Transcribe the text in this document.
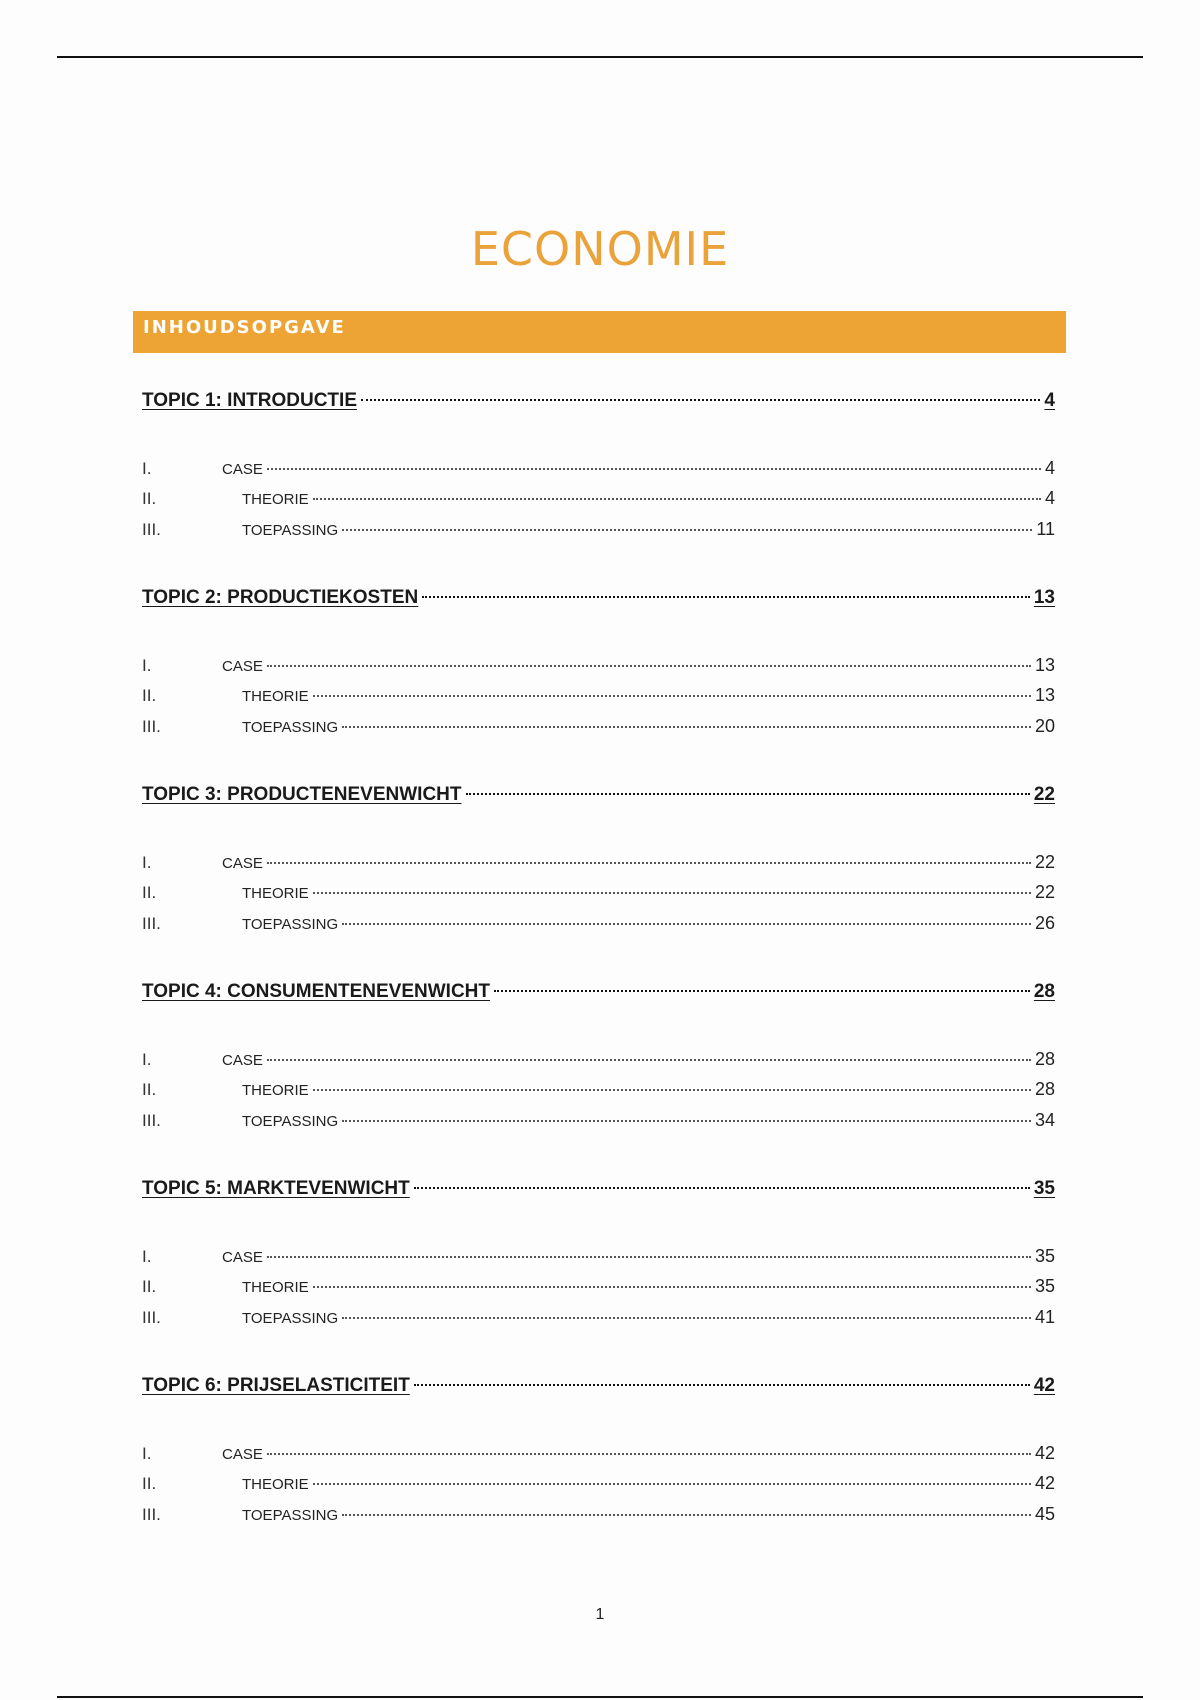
ECONOMIE
INHOUDSOPGAVE
TOPIC 1: INTRODUCTIE	4
I.	CASE	4
II.	THEORIE	4
III.	TOEPASSING	11
TOPIC 2: PRODUCTIEKOSTEN	13
I.	CASE	13
II.	THEORIE	13
III.	TOEPASSING	20
TOPIC 3: PRODUCTENEVENWICHT	22
I.	CASE	22
II.	THEORIE	22
III.	TOEPASSING	26
TOPIC 4: CONSUMENTENEVENWICHT	28
I.	CASE	28
II.	THEORIE	28
III.	TOEPASSING	34
TOPIC 5: MARKTEVENWICHT	35
I.	CASE	35
II.	THEORIE	35
III.	TOEPASSING	41
TOPIC 6: PRIJSELASTICITEIT	42
I.	CASE	42
II.	THEORIE	42
III.	TOEPASSING	45
1
